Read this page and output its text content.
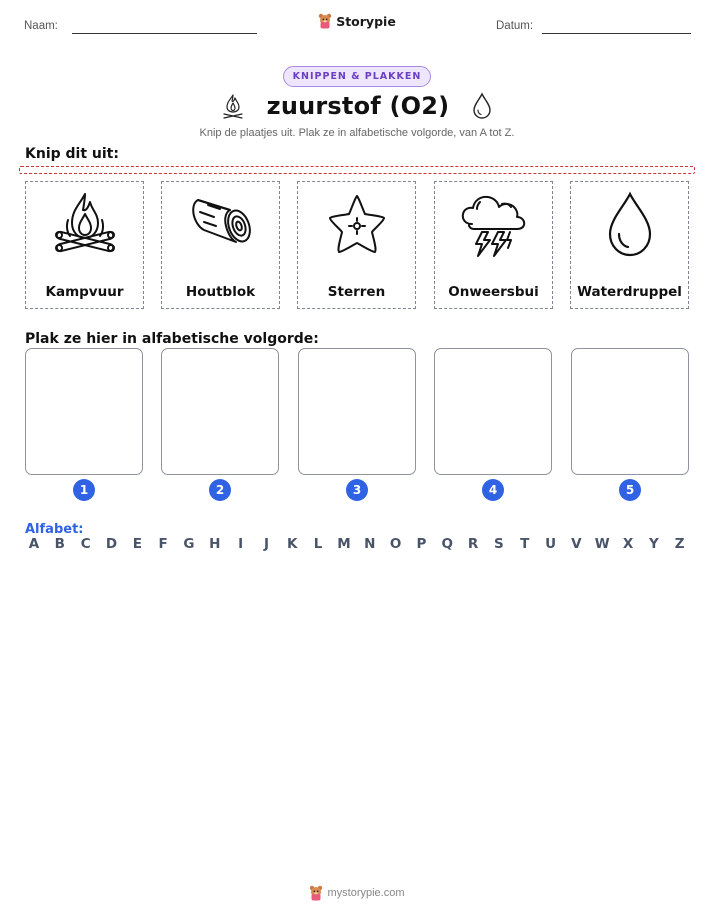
Naam:	Storypie	Datum:
KNIPPEN & PLAKKEN
zuurstof (O2)
Knip de plaatjes uit. Plak ze in alfabetische volgorde, van A tot Z.
Knip dit uit:
Kampvuur	Houtblok	Sterren	Onweersbui	Waterdruppel
Plak ze hier in alfabetische volgorde:
1	2	3	4	5
Alfabet:
A B C D	E	F	G H	I	J	K	L	M N O P Q R	S	T	U V W X	Y	Z
mystorypie.com
